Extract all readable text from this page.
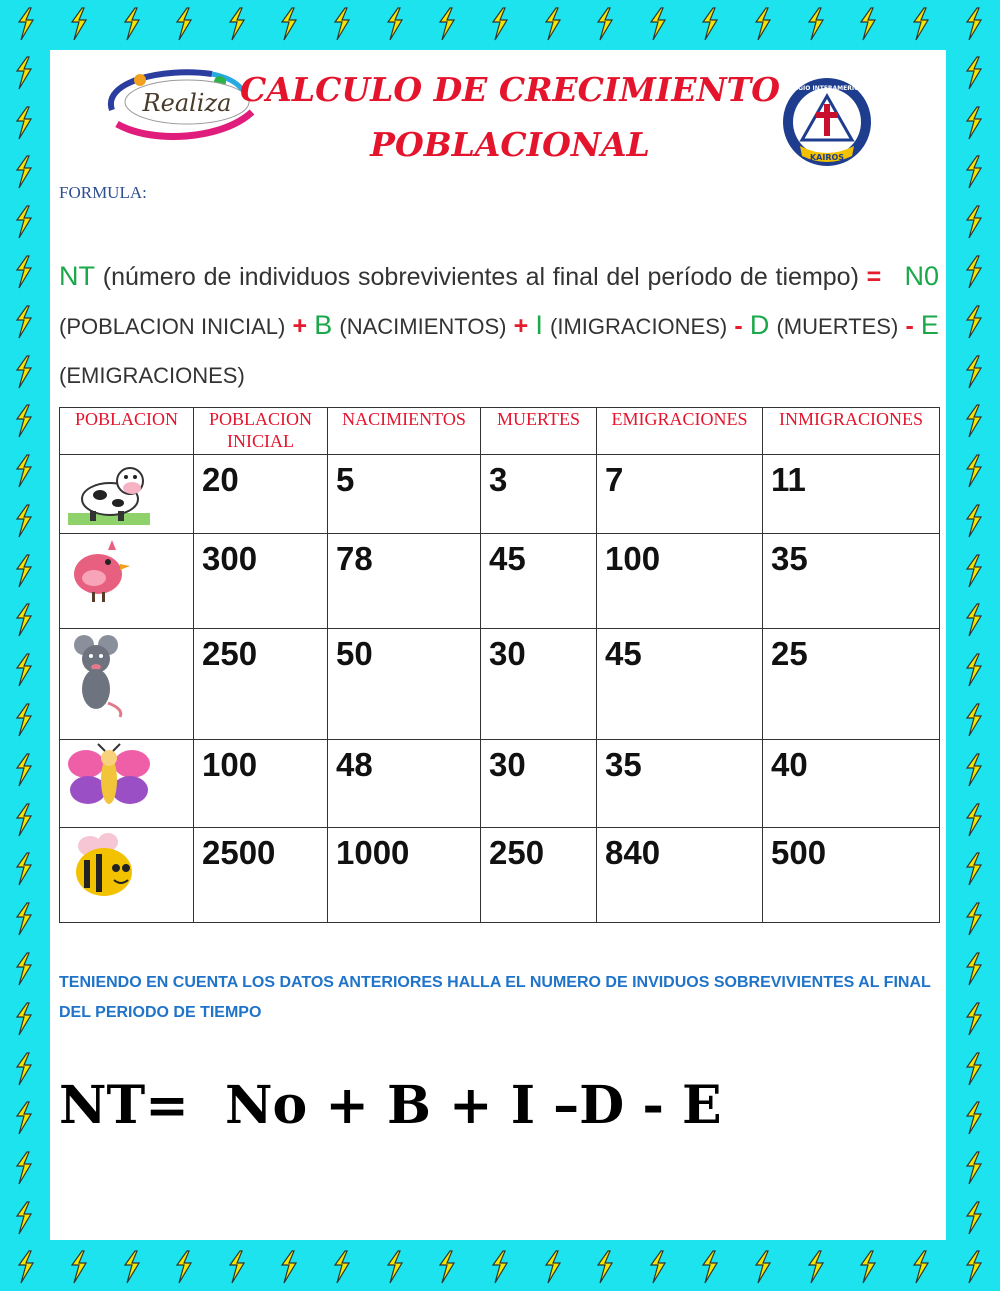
Realiza CALCULO DE CRECIMIENTO
POBLACIONAL	KAIROS
COLEGIO INTERAMERICANO
FORMULA:
NT (número de individuos sobrevivientes al final del período de tiempo) = N0 (POBLACION INICIAL) + B (NACIMIENTOS) + I (IMIGRACIONES) - D (MUERTES) - E (EMIGRACIONES)
POBLACION	POBLACION INICIAL	NACIMIENTOS	MUERTES	EMIGRACIONES	INMIGRACIONES

	20	5	3	7	11

	300	78	45	100	35

	250	50	30	45	25

	100	48	30	35	40

	2500	1000	250	840	500
TENIENDO EN CUENTA LOS DATOS ANTERIORES HALLA EL NUMERO DE INVIDUOS SOBREVIVIENTES AL FINAL DEL PERIODO DE TIEMPO
NT=  No + B + I –D - E
